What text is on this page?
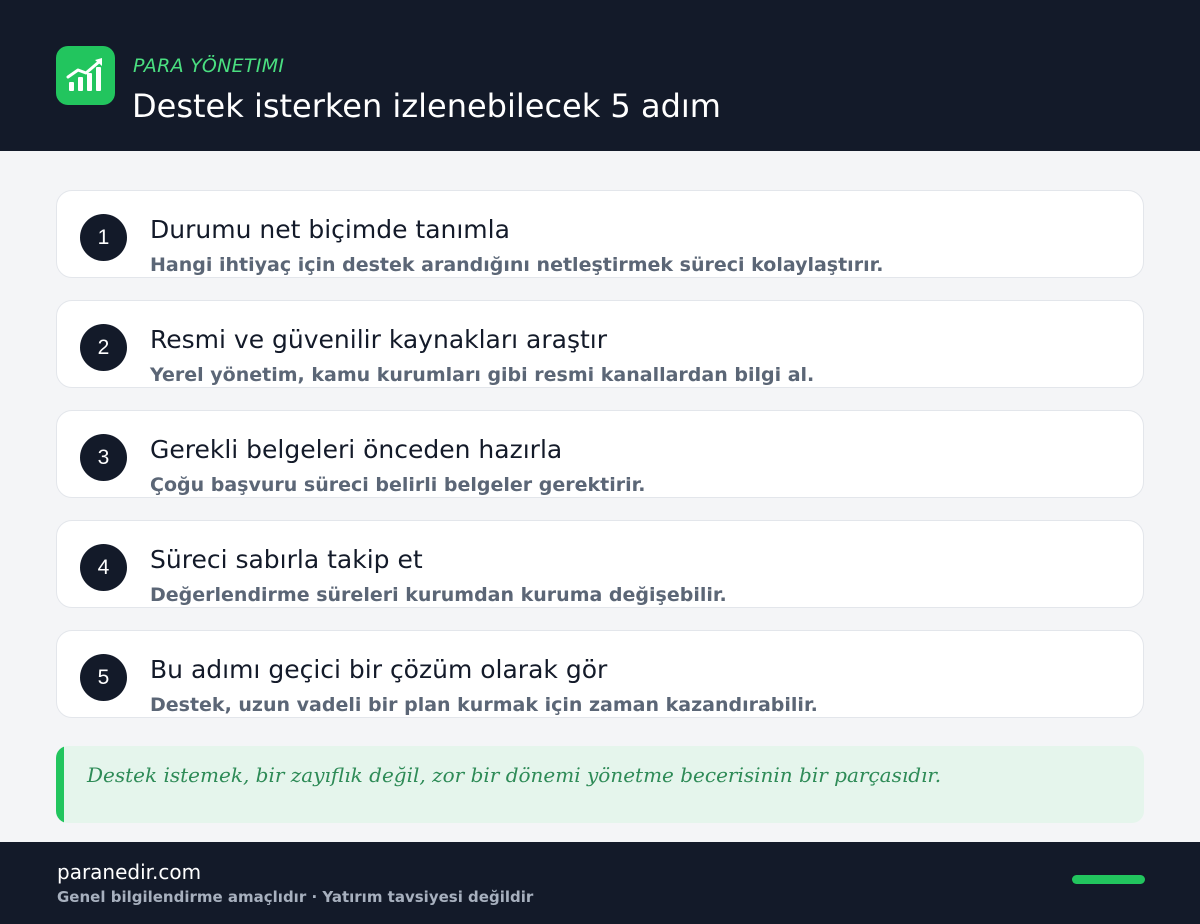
PARA YÖNETIMI
Destek isterken izlenebilecek 5 adım
1	Durumu net biçimde tanımla
Hangi ihtiyaç için destek arandığını netleştirmek süreci kolaylaştırır.
2	Resmi ve güvenilir kaynakları araştır
Yerel yönetim, kamu kurumları gibi resmi kanallardan bilgi al.
3	Gerekli belgeleri önceden hazırla
Çoğu başvuru süreci belirli belgeler gerektirir.
4	Süreci sabırla takip et
Değerlendirme süreleri kurumdan kuruma değişebilir.
5	Bu adımı geçici bir çözüm olarak gör
Destek, uzun vadeli bir plan kurmak için zaman kazandırabilir.
Destek istemek, bir zayıflık değil, zor bir dönemi yönetme becerisinin bir parçasıdır.
paranedir.com
Genel bilgilendirme amaçlıdır · Yatırım tavsiyesi değildir
